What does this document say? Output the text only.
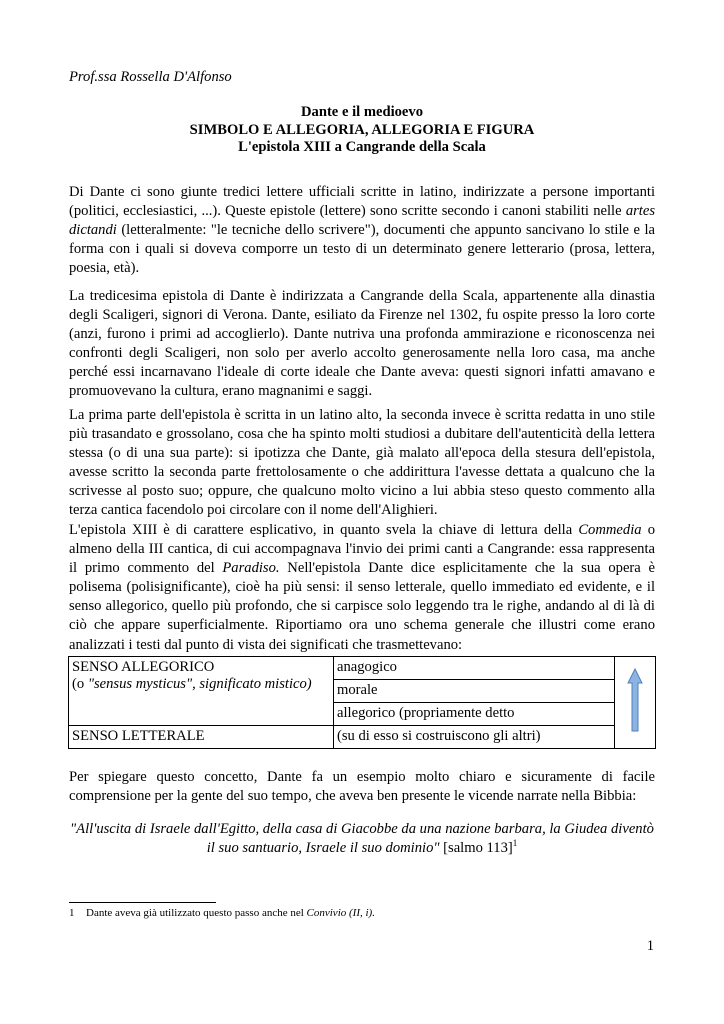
Prof.ssa Rossella D'Alfonso
Dante e il medioevo
SIMBOLO E ALLEGORIA, ALLEGORIA E FIGURA
L'epistola XIII a Cangrande della Scala
Di Dante ci sono giunte tredici lettere ufficiali scritte in latino, indirizzate a persone importanti (politici, ecclesiastici, ...). Queste epistole (lettere) sono scritte secondo i canoni stabiliti nelle artes dictandi (letteralmente: "le tecniche dello scrivere"), documenti che appunto sancivano lo stile e la forma con i quali si doveva comporre un testo di un determinato genere letterario (prosa, lettera, poesia, età).
La tredicesima epistola di Dante è indirizzata a Cangrande della Scala, appartenente alla dinastia degli Scaligeri, signori di Verona. Dante, esiliato da Firenze nel 1302, fu ospite presso la loro corte (anzi, furono i primi ad accoglierlo). Dante nutriva una profonda ammirazione e riconoscenza nei confronti degli Scaligeri, non solo per averlo accolto generosamente nella loro casa, ma anche perché essi incarnavano l'ideale di corte ideale che Dante aveva: questi signori infatti amavano e promuovevano la cultura, erano magnanimi e saggi.
La prima parte dell'epistola è scritta in un latino alto, la seconda invece è scritta redatta in uno stile più trasandato e grossolano, cosa che ha spinto molti studiosi a dubitare dell'autenticità della lettera stessa (o di una sua parte): si ipotizza che Dante, già malato all'epoca della stesura dell'epistola, avesse scritto la seconda parte frettolosamente o che addirittura l'avesse dettata a qualcuno che la scrivesse al posto suo; oppure, che qualcuno molto vicino a lui abbia steso questo commento alla terza cantica facendolo poi circolare con il nome dell'Alighieri.
L'epistola XIII è di carattere esplicativo, in quanto svela la chiave di lettura della Commedia o almeno della III cantica, di cui accompagnava l'invio dei primi canti a Cangrande: essa rappresenta il primo commento del Paradiso. Nell'epistola Dante dice esplicitamente che la sua opera è polisema (polisignificante), cioè ha più sensi: il senso letterale, quello immediato ed evidente, e il senso allegorico, quello più profondo, che si carpisce solo leggendo tra le righe, andando al di là di ciò che appare superficialmente. Riportiamo ora uno schema generale che illustri come erano analizzati i testi dal punto di vista dei significati che trasmettevano:
SENSO ALLEGORICO
(o "sensus mysticus", significato mistico)	anagogico	
	morale	
	allegorico (propriamente detto	
SENSO LETTERALE	(su di esso si costruiscono gli altri)	
Per spiegare questo concetto, Dante fa un esempio molto chiaro e sicuramente di facile comprensione per la gente del suo tempo, che aveva ben presente le vicende narrate nella Bibbia:
"All'uscita di Israele dall'Egitto, della casa di Giacobbe da una nazione barbara, la Giudea diventò il suo santuario, Israele il suo dominio" [salmo 113]$^1$
1 Dante aveva già utilizzato questo passo anche nel Convivio (II, i).
1
